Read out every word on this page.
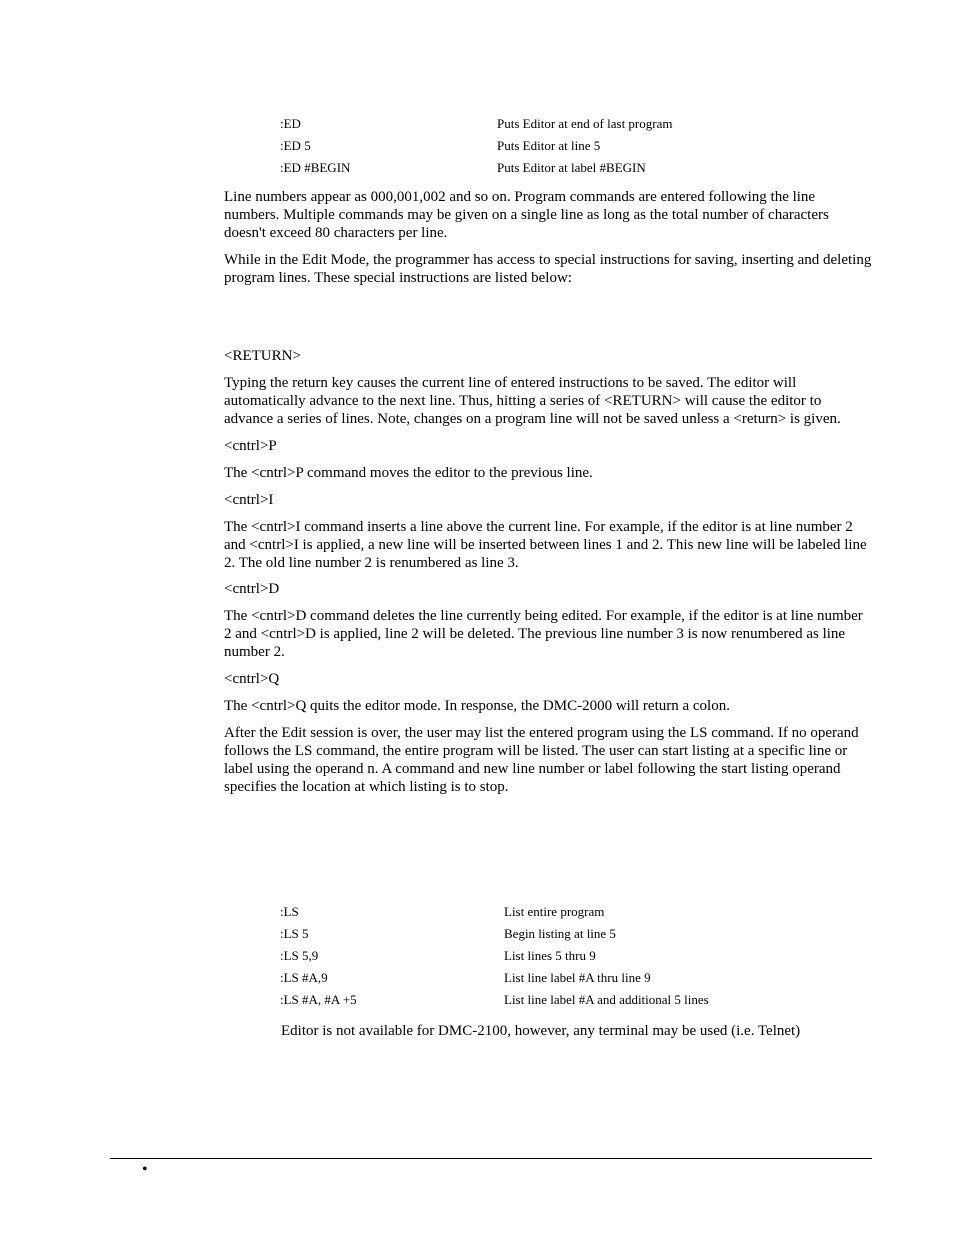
:ED	Puts Editor at end of last program
:ED 5	Puts Editor at line 5
:ED #BEGIN	Puts Editor at label #BEGIN

Line numbers appear as 000,001,002 and so on. Program commands are entered following the line numbers. Multiple commands may be given on a single line as long as the total number of characters doesn't exceed 80 characters per line.

While in the Edit Mode, the programmer has access to special instructions for saving, inserting and deleting program lines. These special instructions are listed below:

<RETURN>

Typing the return key causes the current line of entered instructions to be saved. The editor will automatically advance to the next line. Thus, hitting a series of <RETURN> will cause the editor to advance a series of lines. Note, changes on a program line will not be saved unless a <return> is given.

<cntrl>P

The <cntrl>P command moves the editor to the previous line.

<cntrl>I

The <cntrl>I command inserts a line above the current line. For example, if the editor is at line number 2 and <cntrl>I is applied, a new line will be inserted between lines 1 and 2. This new line will be labeled line 2. The old line number 2 is renumbered as line 3.

<cntrl>D

The <cntrl>D command deletes the line currently being edited. For example, if the editor is at line number 2 and <cntrl>D is applied, line 2 will be deleted. The previous line number 3 is now renumbered as line number 2.

<cntrl>Q

The <cntrl>Q quits the editor mode. In response, the DMC-2000 will return a colon.

After the Edit session is over, the user may list the entered program using the LS command. If no operand follows the LS command, the entire program will be listed. The user can start listing at a specific line or label using the operand n. A command and new line number or label following the start listing operand specifies the location at which listing is to stop.

:LS	List entire program
:LS 5	Begin listing at line 5
:LS 5,9	List lines 5 thru 9
:LS #A,9	List line label #A thru line 9
:LS #A, #A +5	List line label #A and additional 5 lines

Editor is not available for DMC-2100, however, any terminal may be used (i.e. Telnet)

•
